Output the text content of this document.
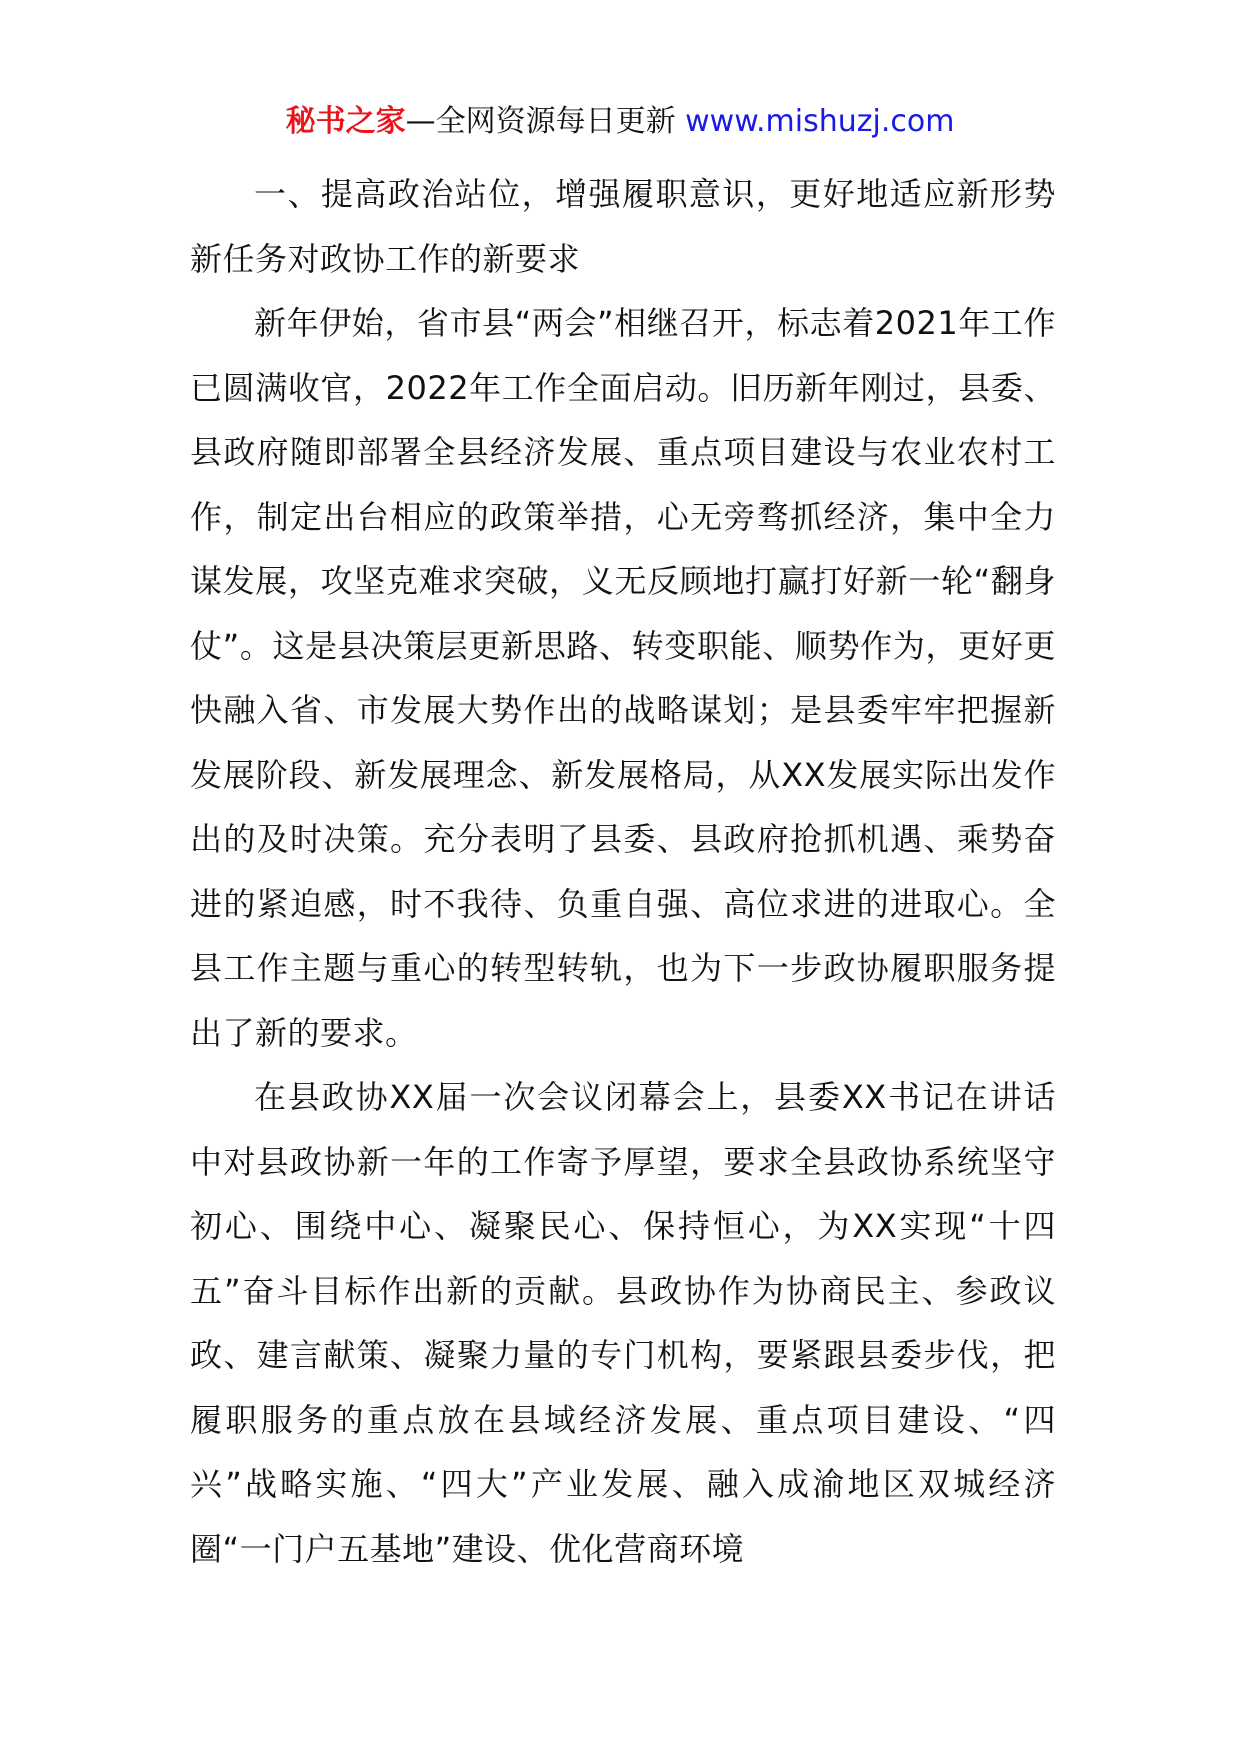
秘书之家—全网资源每日更新 www.mishuzj.com

一、提高政治站位，增强履职意识，更好地适应新形势新任务对政协工作的新要求

新年伊始，省市县“两会”相继召开，标志着2021年工作已圆满收官，2022年工作全面启动。旧历新年刚过，县委、县政府随即部署全县经济发展、重点项目建设与农业农村工作，制定出台相应的政策举措，心无旁骛抓经济，集中全力谋发展，攻坚克难求突破，义无反顾地打赢打好新一轮“翻身仗”。这是县决策层更新思路、转变职能、顺势作为，更好更快融入省、市发展大势作出的战略谋划；是县委牢牢把握新发展阶段、新发展理念、新发展格局，从XX发展实际出发作出的及时决策。充分表明了县委、县政府抢抓机遇、乘势奋进的紧迫感，时不我待、负重自强、高位求进的进取心。全县工作主题与重心的转型转轨，也为下一步政协履职服务提出了新的要求。

在县政协XX届一次会议闭幕会上，县委XX书记在讲话中对县政协新一年的工作寄予厚望，要求全县政协系统坚守初心、围绕中心、凝聚民心、保持恒心，为XX实现“十四五”奋斗目标作出新的贡献。县政协作为协商民主、参政议政、建言献策、凝聚力量的专门机构，要紧跟县委步伐，把履职服务的重点放在县域经济发展、重点项目建设、“四兴”战略实施、“四大”产业发展、融入成渝地区双城经济圈“一门户五基地”建设、优化营商环境
